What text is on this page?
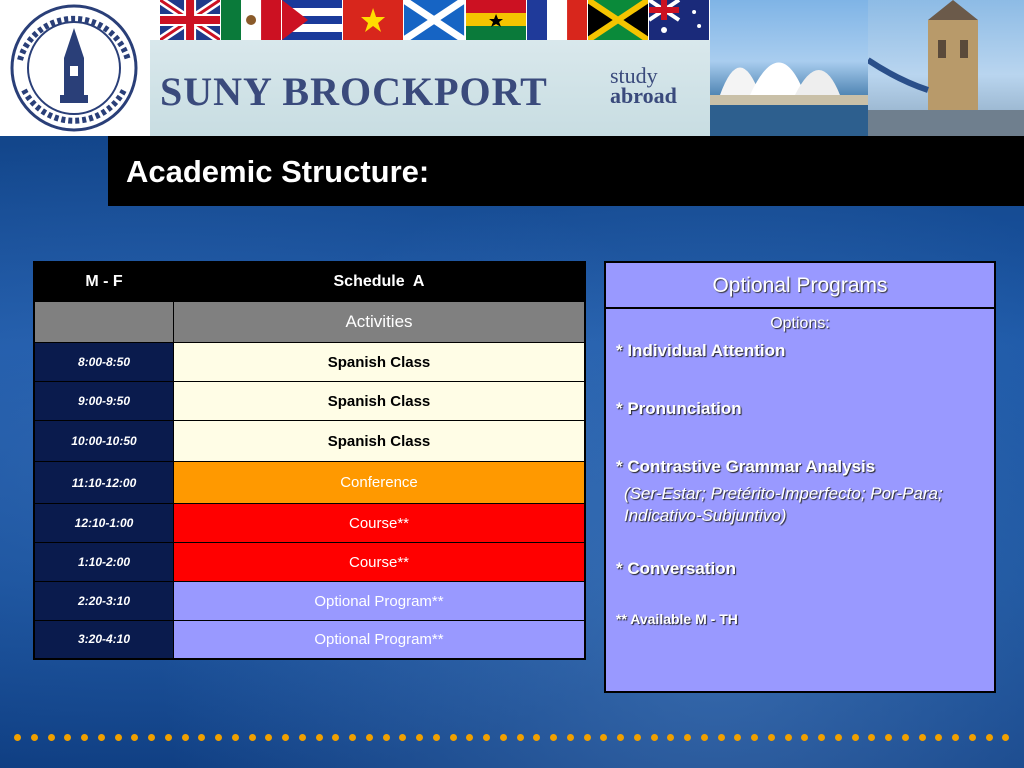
SUNY BROCKPORT	study
abroad
Academic Structure:
M - F	Schedule  A
	Activities
8:00-8:50	Spanish Class
9:00-9:50	Spanish Class
10:00-10:50	Spanish Class
11:10-12:00	Conference
12:10-1:00	Course**
1:10-2:00	Course**
2:20-3:10	Optional Program**
3:20-4:10	Optional Program**
Optional Programs
Options:
* Individual Attention
* Pronunciation
* Contrastive Grammar Analysis
(Ser-Estar; Pretérito-Imperfecto; Por-Para; Indicativo-Subjuntivo)
* Conversation
** Available M - TH
